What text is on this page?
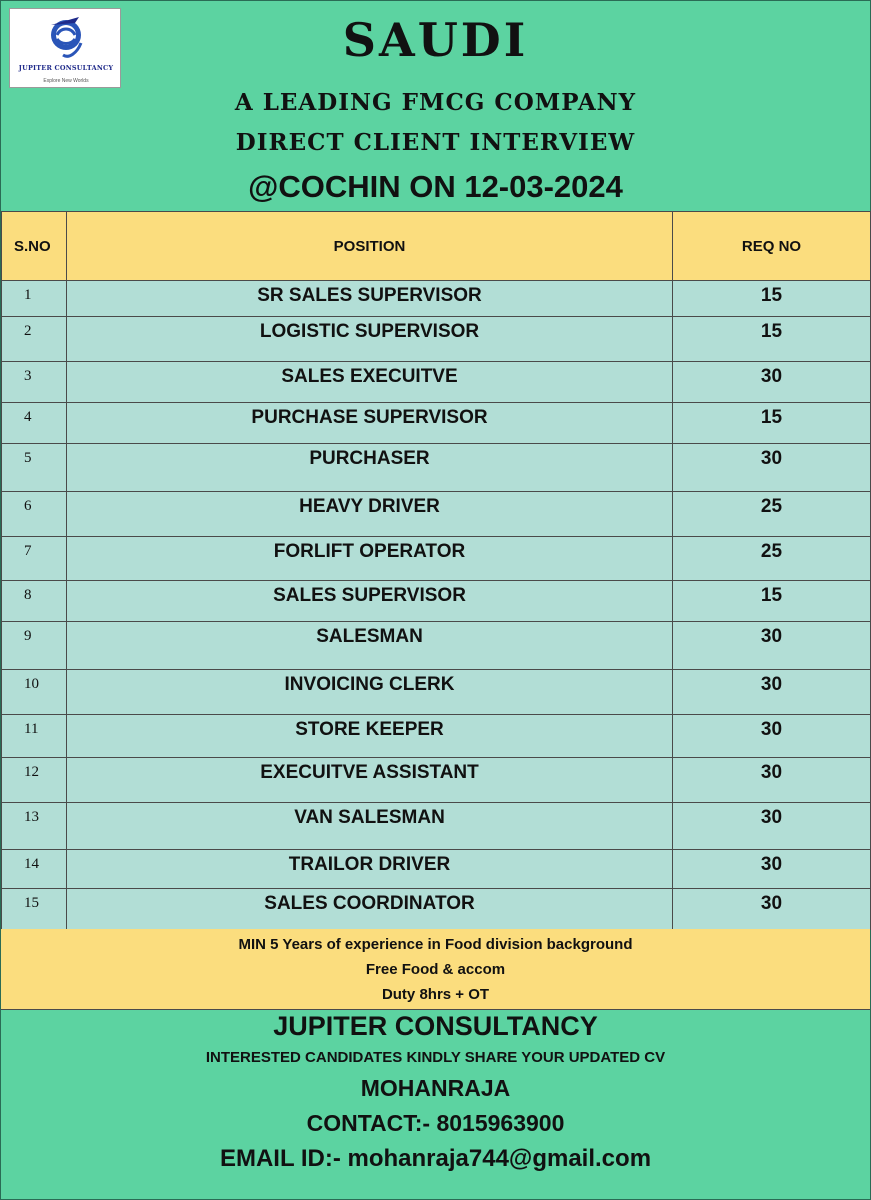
JUPITER CONSULTANCY
Explore New Worlds
SAUDI
A LEADING FMCG COMPANY
DIRECT CLIENT INTERVIEW
@COCHIN ON 12-03-2024
S.NO	POSITION	REQ NO
1	SR SALES SUPERVISOR	15
2	LOGISTIC SUPERVISOR	15
3	SALES EXECUITVE	30
4	PURCHASE SUPERVISOR	15
5	PURCHASER	30
6	HEAVY DRIVER	25
7	FORLIFT OPERATOR	25
8	SALES SUPERVISOR	15
9	SALESMAN	30
10	INVOICING CLERK	30
11	STORE KEEPER	30
12	EXECUITVE ASSISTANT	30
13	VAN SALESMAN	30
14	TRAILOR DRIVER	30
15	SALES COORDINATOR	30
MIN 5 Years of experience in Food division background
Free Food & accom
Duty 8hrs + OT
JUPITER CONSULTANCY
INTERESTED CANDIDATES KINDLY SHARE YOUR UPDATED CV
MOHANRAJA
CONTACT:- 8015963900
EMAIL ID:- mohanraja744@gmail.com
